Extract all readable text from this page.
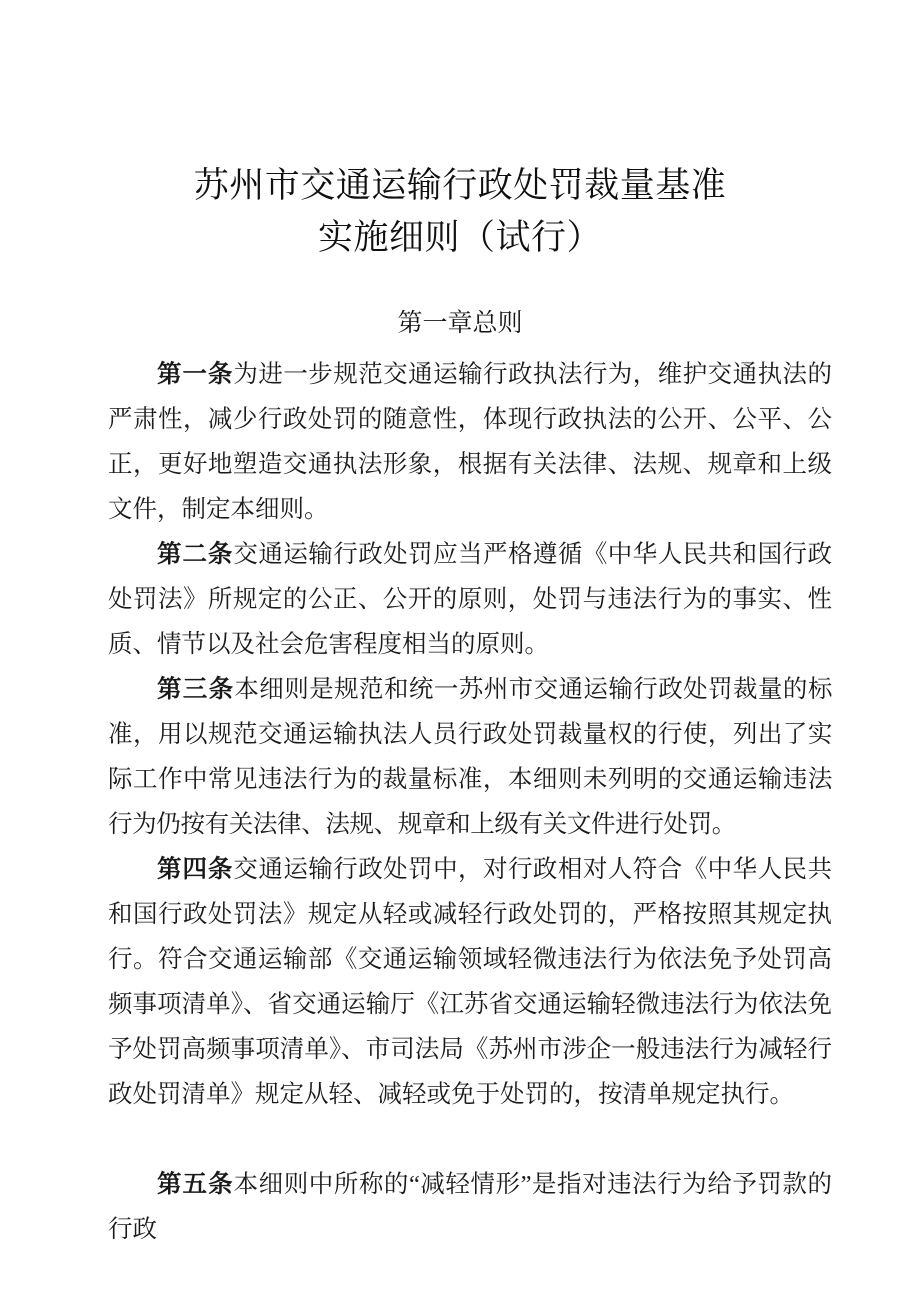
苏州市交通运输行政处罚裁量基准
实施细则（试行）
第一章总则

第一条为进一步规范交通运输行政执法行为，维护交通执法的严肃性，减少行政处罚的随意性，体现行政执法的公开、公平、公正，更好地塑造交通执法形象，根据有关法律、法规、规章和上级文件，制定本细则。

第二条交通运输行政处罚应当严格遵循《中华人民共和国行政处罚法》所规定的公正、公开的原则，处罚与违法行为的事实、性质、情节以及社会危害程度相当的原则。

第三条本细则是规范和统一苏州市交通运输行政处罚裁量的标准，用以规范交通运输执法人员行政处罚裁量权的行使，列出了实际工作中常见违法行为的裁量标准，本细则未列明的交通运输违法行为仍按有关法律、法规、规章和上级有关文件进行处罚。

第四条交通运输行政处罚中，对行政相对人符合《中华人民共和国行政处罚法》规定从轻或减轻行政处罚的，严格按照其规定执行。符合交通运输部《交通运输领域轻微违法行为依法免予处罚高频事项清单》、省交通运输厅《江苏省交通运输轻微违法行为依法免予处罚高频事项清单》、市司法局《苏州市涉企一般违法行为减轻行政处罚清单》规定从轻、减轻或免于处罚的，按清单规定执行。

第五条本细则中所称的“减轻情形”是指对违法行为给予罚款的行政
